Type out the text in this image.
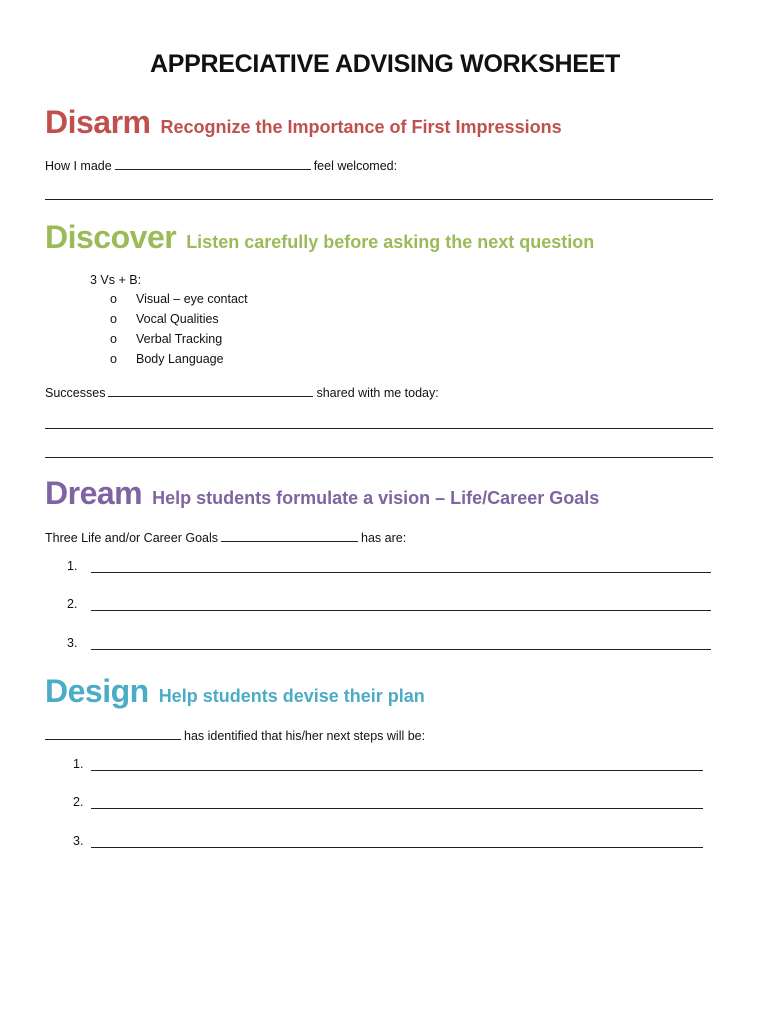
APPRECIATIVE ADVISING WORKSHEET
Disarm Recognize the Importance of First Impressions
How I made	feel welcomed:
Discover Listen carefully before asking the next question
3 Vs + B:
o Visual – eye contact
o Vocal Qualities
o Verbal Tracking
o Body Language
Successes	shared with me today:
Dream Help students formulate a vision – Life/Career Goals
Three Life and/or Career Goals	has are:
1.
2.
3.
Design Help students devise their plan
has identified that his/her next steps will be:
1.
2.
3.
